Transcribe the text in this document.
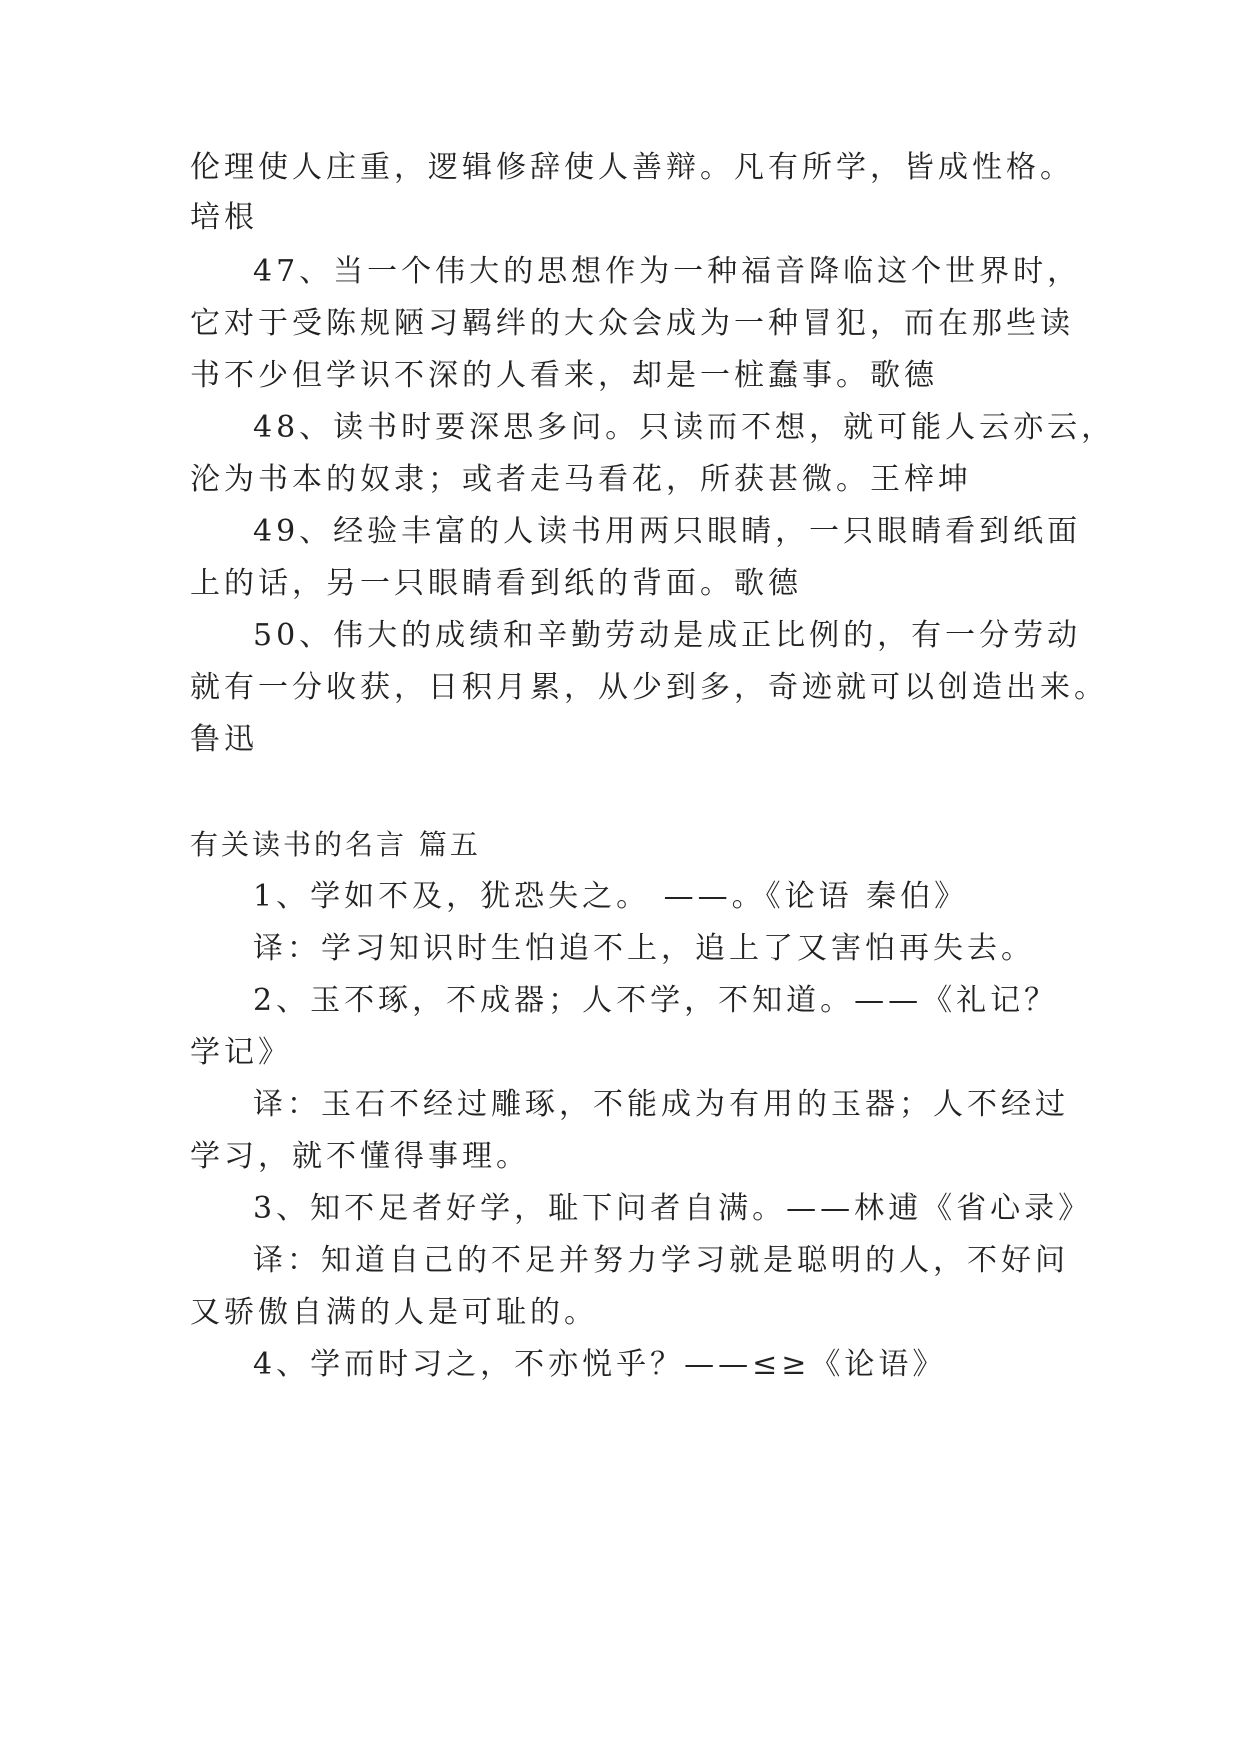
伦理使人庄重，逻辑修辞使人善辩。凡有所学，皆成性格。
培根
47、当一个伟大的思想作为一种福音降临这个世界时，
它对于受陈规陋习羁绊的大众会成为一种冒犯，而在那些读
书不少但学识不深的人看来，却是一桩蠢事。歌德
48、读书时要深思多问。只读而不想，就可能人云亦云，
沦为书本的奴隶；或者走马看花，所获甚微。王梓坤
49、经验丰富的人读书用两只眼睛，一只眼睛看到纸面
上的话，另一只眼睛看到纸的背面。歌德
50、伟大的成绩和辛勤劳动是成正比例的，有一分劳动
就有一分收获，日积月累，从少到多，奇迹就可以创造出来。
鲁迅
有关读书的名言 篇五
1、学如不及，犹恐失之。 ——。《论语 秦伯》
译：学习知识时生怕追不上，追上了又害怕再失去。
2、玉不琢，不成器；人不学，不知道。——《礼记？
学记》
译：玉石不经过雕琢，不能成为有用的玉器；人不经过
学习，就不懂得事理。
3、知不足者好学，耻下问者自满。——林逋《省心录》
译：知道自己的不足并努力学习就是聪明的人，不好问
又骄傲自满的人是可耻的。
4、学而时习之，不亦悦乎？——≤≥《论语》
